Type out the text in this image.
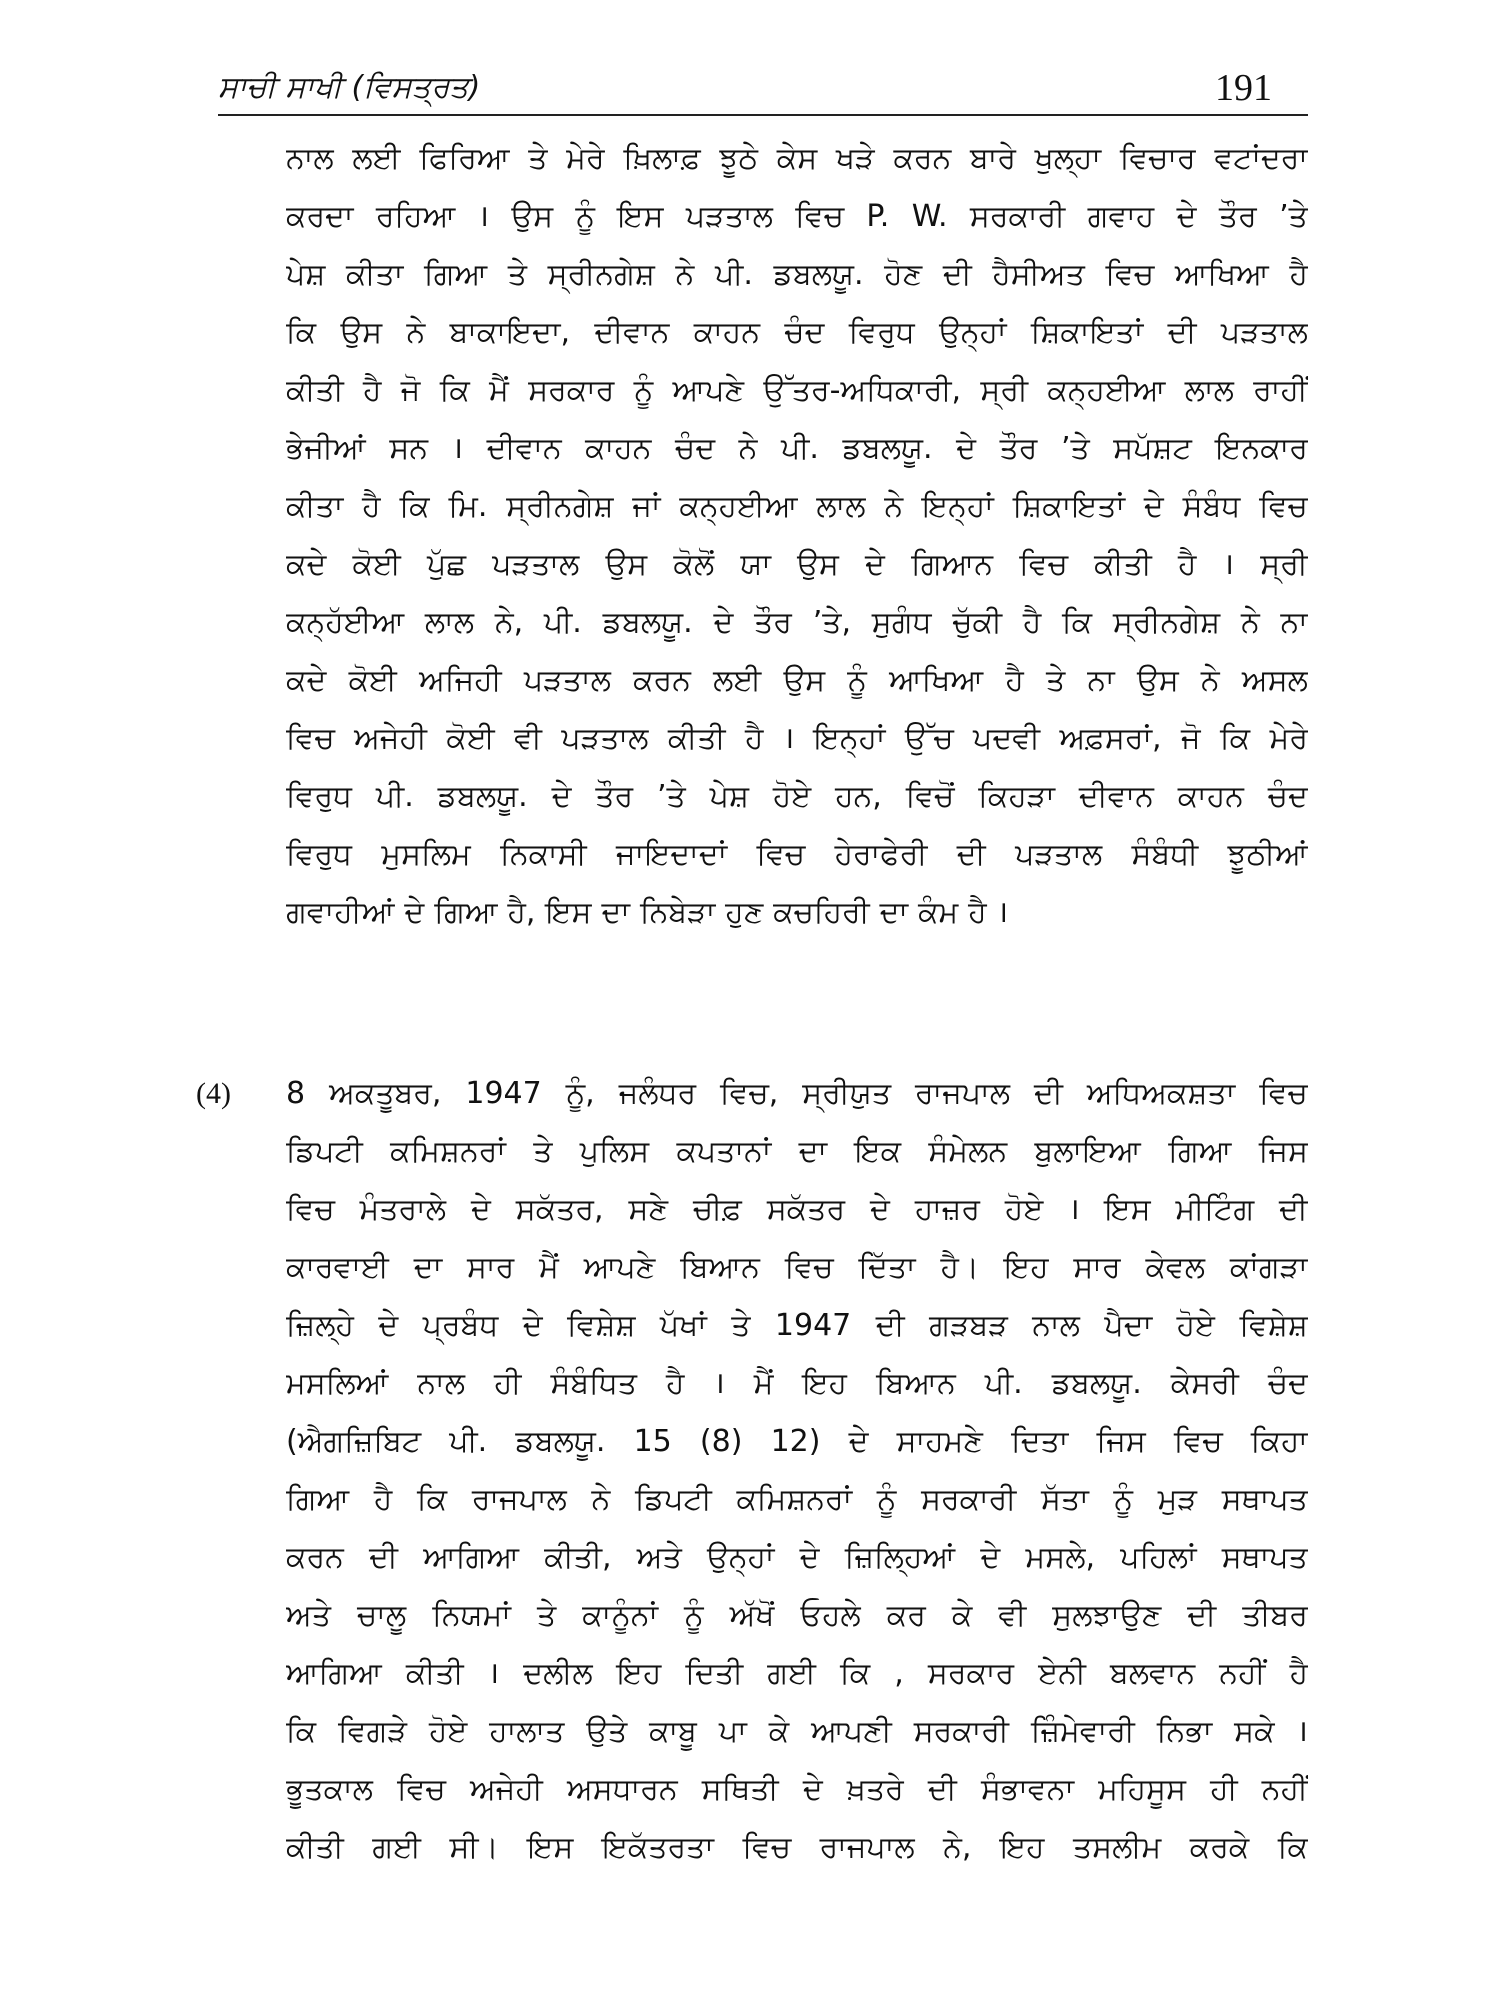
ਸਾਚੀ ਸਾਖੀ (ਵਿਸਤ੍ਰਤ)	191
ਨਾਲ ਲਈ ਫਿਰਿਆ ਤੇ ਮੇਰੇ ਖ਼ਿਲਾਫ਼ ਝੂਠੇ ਕੇਸ ਖੜੇ ਕਰਨ ਬਾਰੇ ਖੁਲ੍ਹਾ ਵਿਚਾਰ ਵਟਾਂਦਰਾ
ਕਰਦਾ ਰਹਿਆ । ਉਸ ਨੂੰ ਇਸ ਪੜਤਾਲ ਵਿਚ P. W. ਸਰਕਾਰੀ ਗਵਾਹ ਦੇ ਤੌਰ ’ਤੇ
ਪੇਸ਼ ਕੀਤਾ ਗਿਆ ਤੇ ਸ੍ਰੀਨਗੇਸ਼ ਨੇ ਪੀ. ਡਬਲਯੂ. ਹੋਣ ਦੀ ਹੈਸੀਅਤ ਵਿਚ ਆਖਿਆ ਹੈ
ਕਿ ਉਸ ਨੇ ਬਾਕਾਇਦਾ, ਦੀਵਾਨ ਕਾਹਨ ਚੰਦ ਵਿਰੁਧ ਉਨ੍ਹਾਂ ਸ਼ਿਕਾਇਤਾਂ ਦੀ ਪੜਤਾਲ
ਕੀਤੀ ਹੈ ਜੋ ਕਿ ਮੈਂ ਸਰਕਾਰ ਨੂੰ ਆਪਣੇ ਉੱਤਰ-ਅਧਿਕਾਰੀ, ਸ੍ਰੀ ਕਨ੍ਹਈਆ ਲਾਲ ਰਾਹੀਂ
ਭੇਜੀਆਂ ਸਨ । ਦੀਵਾਨ ਕਾਹਨ ਚੰਦ ਨੇ ਪੀ. ਡਬਲਯੂ. ਦੇ ਤੌਰ ’ਤੇ ਸਪੱਸ਼ਟ ਇਨਕਾਰ
ਕੀਤਾ ਹੈ ਕਿ ਮਿ. ਸ੍ਰੀਨਗੇਸ਼ ਜਾਂ ਕਨ੍ਹਈਆ ਲਾਲ ਨੇ ਇਨ੍ਹਾਂ ਸ਼ਿਕਾਇਤਾਂ ਦੇ ਸੰਬੰਧ ਵਿਚ
ਕਦੇ ਕੋਈ ਪੁੱਛ ਪੜਤਾਲ ਉਸ ਕੋਲੋਂ ਯਾ ਉਸ ਦੇ ਗਿਆਨ ਵਿਚ ਕੀਤੀ ਹੈ । ਸ੍ਰੀ
ਕਨ੍ਹੱਈਆ ਲਾਲ ਨੇ, ਪੀ. ਡਬਲਯੂ. ਦੇ ਤੌਰ ’ਤੇ, ਸੁਗੰਧ ਚੁੱਕੀ ਹੈ ਕਿ ਸ੍ਰੀਨਗੇਸ਼ ਨੇ ਨਾ
ਕਦੇ ਕੋਈ ਅਜਿਹੀ ਪੜਤਾਲ ਕਰਨ ਲਈ ਉਸ ਨੂੰ ਆਖਿਆ ਹੈ ਤੇ ਨਾ ਉਸ ਨੇ ਅਸਲ
ਵਿਚ ਅਜੇਹੀ ਕੋਈ ਵੀ ਪੜਤਾਲ ਕੀਤੀ ਹੈ । ਇਨ੍ਹਾਂ ਉੱਚ ਪਦਵੀ ਅਫ਼ਸਰਾਂ, ਜੋ ਕਿ ਮੇਰੇ
ਵਿਰੁਧ ਪੀ. ਡਬਲਯੂ. ਦੇ ਤੌਰ ’ਤੇ ਪੇਸ਼ ਹੋਏ ਹਨ, ਵਿਚੋਂ ਕਿਹੜਾ ਦੀਵਾਨ ਕਾਹਨ ਚੰਦ
ਵਿਰੁਧ ਮੁਸਲਿਮ ਨਿਕਾਸੀ ਜਾਇਦਾਦਾਂ ਵਿਚ ਹੇਰਾਫੇਰੀ ਦੀ ਪੜਤਾਲ ਸੰਬੰਧੀ ਝੂਠੀਆਂ
ਗਵਾਹੀਆਂ ਦੇ ਗਿਆ ਹੈ, ਇਸ ਦਾ ਨਿਬੇੜਾ ਹੁਣ ਕਚਹਿਰੀ ਦਾ ਕੰਮ ਹੈ ।
(4) 8 ਅਕਤੂਬਰ, 1947 ਨੂੰ, ਜਲੰਧਰ ਵਿਚ, ਸ੍ਰੀਯੁਤ ਰਾਜਪਾਲ ਦੀ ਅਧਿਅਕਸ਼ਤਾ ਵਿਚ
ਡਿਪਟੀ ਕਮਿਸ਼ਨਰਾਂ ਤੇ ਪੁਲਿਸ ਕਪਤਾਨਾਂ ਦਾ ਇਕ ਸੰਮੇਲਨ ਬੁਲਾਇਆ ਗਿਆ ਜਿਸ
ਵਿਚ ਮੰਤਰਾਲੇ ਦੇ ਸਕੱਤਰ, ਸਣੇ ਚੀਫ਼ ਸਕੱਤਰ ਦੇ ਹਾਜ਼ਰ ਹੋਏ । ਇਸ ਮੀਟਿੰਗ ਦੀ
ਕਾਰਵਾਈ ਦਾ ਸਾਰ ਮੈਂ ਆਪਣੇ ਬਿਆਨ ਵਿਚ ਦਿੱਤਾ ਹੈ। ਇਹ ਸਾਰ ਕੇਵਲ ਕਾਂਗੜਾ
ਜ਼ਿਲ੍ਹੇ ਦੇ ਪ੍ਰਬੰਧ ਦੇ ਵਿਸ਼ੇਸ਼ ਪੱਖਾਂ ਤੇ 1947 ਦੀ ਗੜਬੜ ਨਾਲ ਪੈਦਾ ਹੋਏ ਵਿਸ਼ੇਸ਼
ਮਸਲਿਆਂ ਨਾਲ ਹੀ ਸੰਬੰਧਿਤ ਹੈ । ਮੈਂ ਇਹ ਬਿਆਨ ਪੀ. ਡਬਲਯੂ. ਕੇਸਰੀ ਚੰਦ
(ਐਗਜ਼ਿਬਿਟ ਪੀ. ਡਬਲਯੂ. 15 (8) 12) ਦੇ ਸਾਹਮਣੇ ਦਿਤਾ ਜਿਸ ਵਿਚ ਕਿਹਾ
ਗਿਆ ਹੈ ਕਿ ਰਾਜਪਾਲ ਨੇ ਡਿਪਟੀ ਕਮਿਸ਼ਨਰਾਂ ਨੂੰ ਸਰਕਾਰੀ ਸੱਤਾ ਨੂੰ ਮੁੜ ਸਥਾਪਤ
ਕਰਨ ਦੀ ਆਗਿਆ ਕੀਤੀ, ਅਤੇ ਉਨ੍ਹਾਂ ਦੇ ਜ਼ਿਲ੍ਹਿਆਂ ਦੇ ਮਸਲੇ, ਪਹਿਲਾਂ ਸਥਾਪਤ
ਅਤੇ ਚਾਲੂ ਨਿਯਮਾਂ ਤੇ ਕਾਨੂੰਨਾਂ ਨੂੰ ਅੱਖੋਂ ਓਹਲੇ ਕਰ ਕੇ ਵੀ ਸੁਲਝਾਉਣ ਦੀ ਤੀਬਰ
ਆਗਿਆ ਕੀਤੀ । ਦਲੀਲ ਇਹ ਦਿਤੀ ਗਈ ਕਿ , ਸਰਕਾਰ ਏਨੀ ਬਲਵਾਨ ਨਹੀਂ ਹੈ
ਕਿ ਵਿਗੜੇ ਹੋਏ ਹਾਲਾਤ ਉਤੇ ਕਾਬੂ ਪਾ ਕੇ ਆਪਣੀ ਸਰਕਾਰੀ ਜ਼ਿੰਮੇਵਾਰੀ ਨਿਭਾ ਸਕੇ ।
ਭੂਤਕਾਲ ਵਿਚ ਅਜੇਹੀ ਅਸਧਾਰਨ ਸਥਿਤੀ ਦੇ ਖ਼ਤਰੇ ਦੀ ਸੰਭਾਵਨਾ ਮਹਿਸੂਸ ਹੀ ਨਹੀਂ
ਕੀਤੀ ਗਈ ਸੀ। ਇਸ ਇਕੱਤਰਤਾ ਵਿਚ ਰਾਜਪਾਲ ਨੇ, ਇਹ ਤਸਲੀਮ ਕਰਕੇ ਕਿ
